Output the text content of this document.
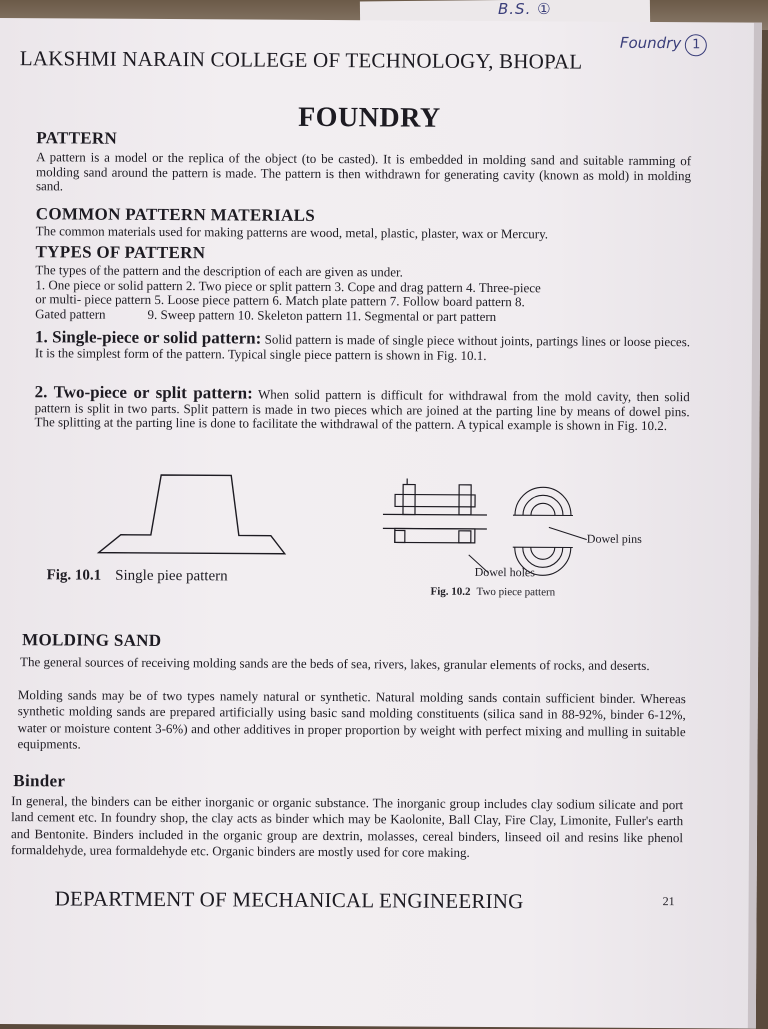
B.S. ①
Foundry 1
LAKSHMI NARAIN COLLEGE OF TECHNOLOGY, BHOPAL
FOUNDRY
PATTERN
A pattern is a model or the replica of the object (to be casted). It is embedded in molding sand and suitable ramming of molding sand around the pattern is made. The pattern is then withdrawn for generating cavity (known as mold) in molding sand.
COMMON PATTERN MATERIALS
The common materials used for making patterns are wood, metal, plastic, plaster, wax or Mercury.
TYPES OF PATTERN
The types of the pattern and the description of each are given as under.
1. One piece or solid pattern 2. Two piece or split pattern 3. Cope and drag pattern 4. Three-piece
or multi- piece pattern 5. Loose piece pattern 6. Match plate pattern 7. Follow board pattern 8.
Gated pattern	9. Sweep pattern 10. Skeleton pattern 11. Segmental or part pattern
1. Single-piece or solid pattern: Solid pattern is made of single piece without joints, partings lines or loose pieces. It is the simplest form of the pattern. Typical single piece pattern is shown in Fig. 10.1.
2. Two-piece or split pattern: When solid pattern is difficult for withdrawal from the mold cavity, then solid pattern is split in two parts. Split pattern is made in two pieces which are joined at the parting line by means of dowel pins. The splitting at the parting line is done to facilitate the withdrawal of the pattern. A typical example is shown in Fig. 10.2.
Fig. 10.1 Single piee pattern
Dowel pins
Dowel holes
Fig. 10.2 Two piece pattern
MOLDING SAND
The general sources of receiving molding sands are the beds of sea, rivers, lakes, granular elements of rocks, and deserts.
Molding sands may be of two types namely natural or synthetic. Natural molding sands contain sufficient binder. Whereas synthetic molding sands are prepared artificially using basic sand molding constituents (silica sand in 88-92%, binder 6-12%, water or moisture content 3-6%) and other additives in proper proportion by weight with perfect mixing and mulling in suitable equipments.
Binder
In general, the binders can be either inorganic or organic substance. The inorganic group includes clay sodium silicate and port land cement etc. In foundry shop, the clay acts as binder which may be Kaolonite, Ball Clay, Fire Clay, Limonite, Fuller's earth and Bentonite. Binders included in the organic group are dextrin, molasses, cereal binders, linseed oil and resins like phenol formaldehyde, urea formaldehyde etc. Organic binders are mostly used for core making.
DEPARTMENT OF MECHANICAL ENGINEERING	21
